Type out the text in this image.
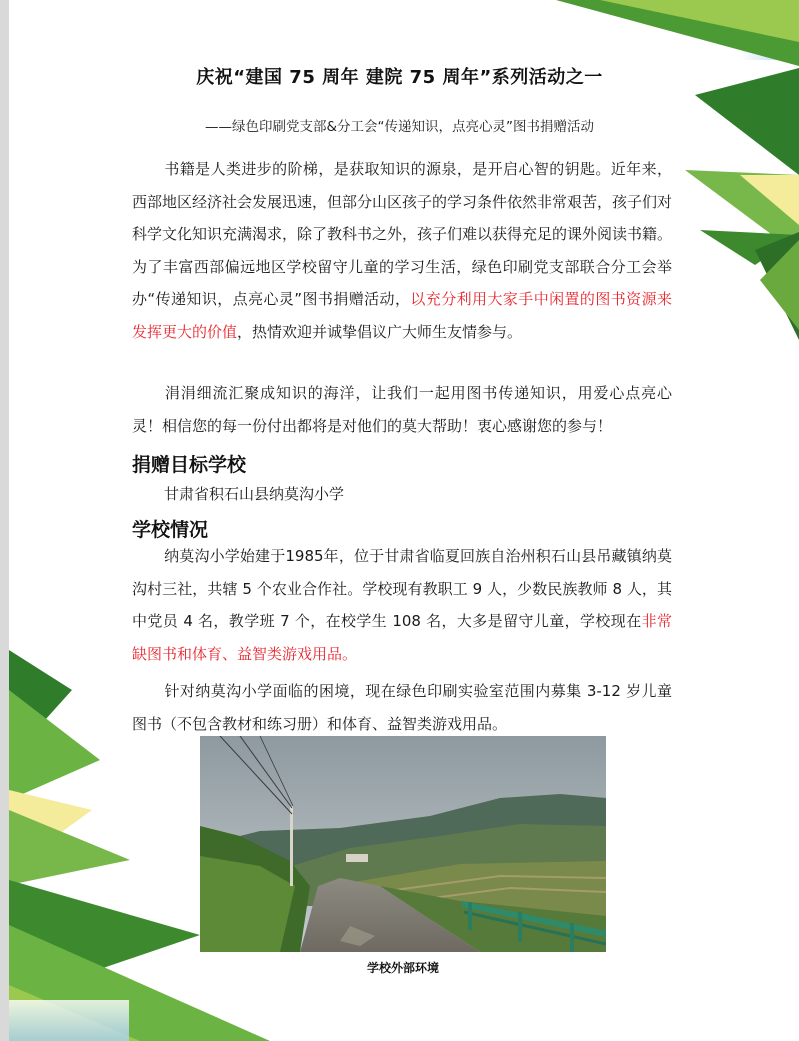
庆祝“建国 75 周年 建院 75 周年”系列活动之一
——绿色印刷党支部&分工会“传递知识，点亮心灵”图书捐赠活动

书籍是人类进步的阶梯，是获取知识的源泉，是开启心智的钥匙。近年来，西部地区经济社会发展迅速，但部分山区孩子的学习条件依然非常艰苦，孩子们对科学文化知识充满渴求，除了教科书之外，孩子们难以获得充足的课外阅读书籍。为了丰富西部偏远地区学校留守儿童的学习生活，绿色印刷党支部联合分工会举办“传递知识，点亮心灵”图书捐赠活动，以充分利用大家手中闲置的图书资源来发挥更大的价值，热情欢迎并诚挚倡议广大师生友情参与。

涓涓细流汇聚成知识的海洋，让我们一起用图书传递知识，用爱心点亮心灵！相信您的每一份付出都将是对他们的莫大帮助！衷心感谢您的参与！

捐赠目标学校
甘肃省积石山县纳莫沟小学
学校情况

纳莫沟小学始建于1985年，位于甘肃省临夏回族自治州积石山县吊藏镇纳莫沟村三社，共辖 5 个农业合作社。学校现有教职工 9 人，少数民族教师 8 人，其中党员 4 名，教学班 7 个，在校学生 108 名，大多是留守儿童，学校现在非常缺图书和体育、益智类游戏用品。

针对纳莫沟小学面临的困境，现在绿色印刷实验室范围内募集 3-12 岁儿童图书（不包含教材和练习册）和体育、益智类游戏用品。

学校外部环境
